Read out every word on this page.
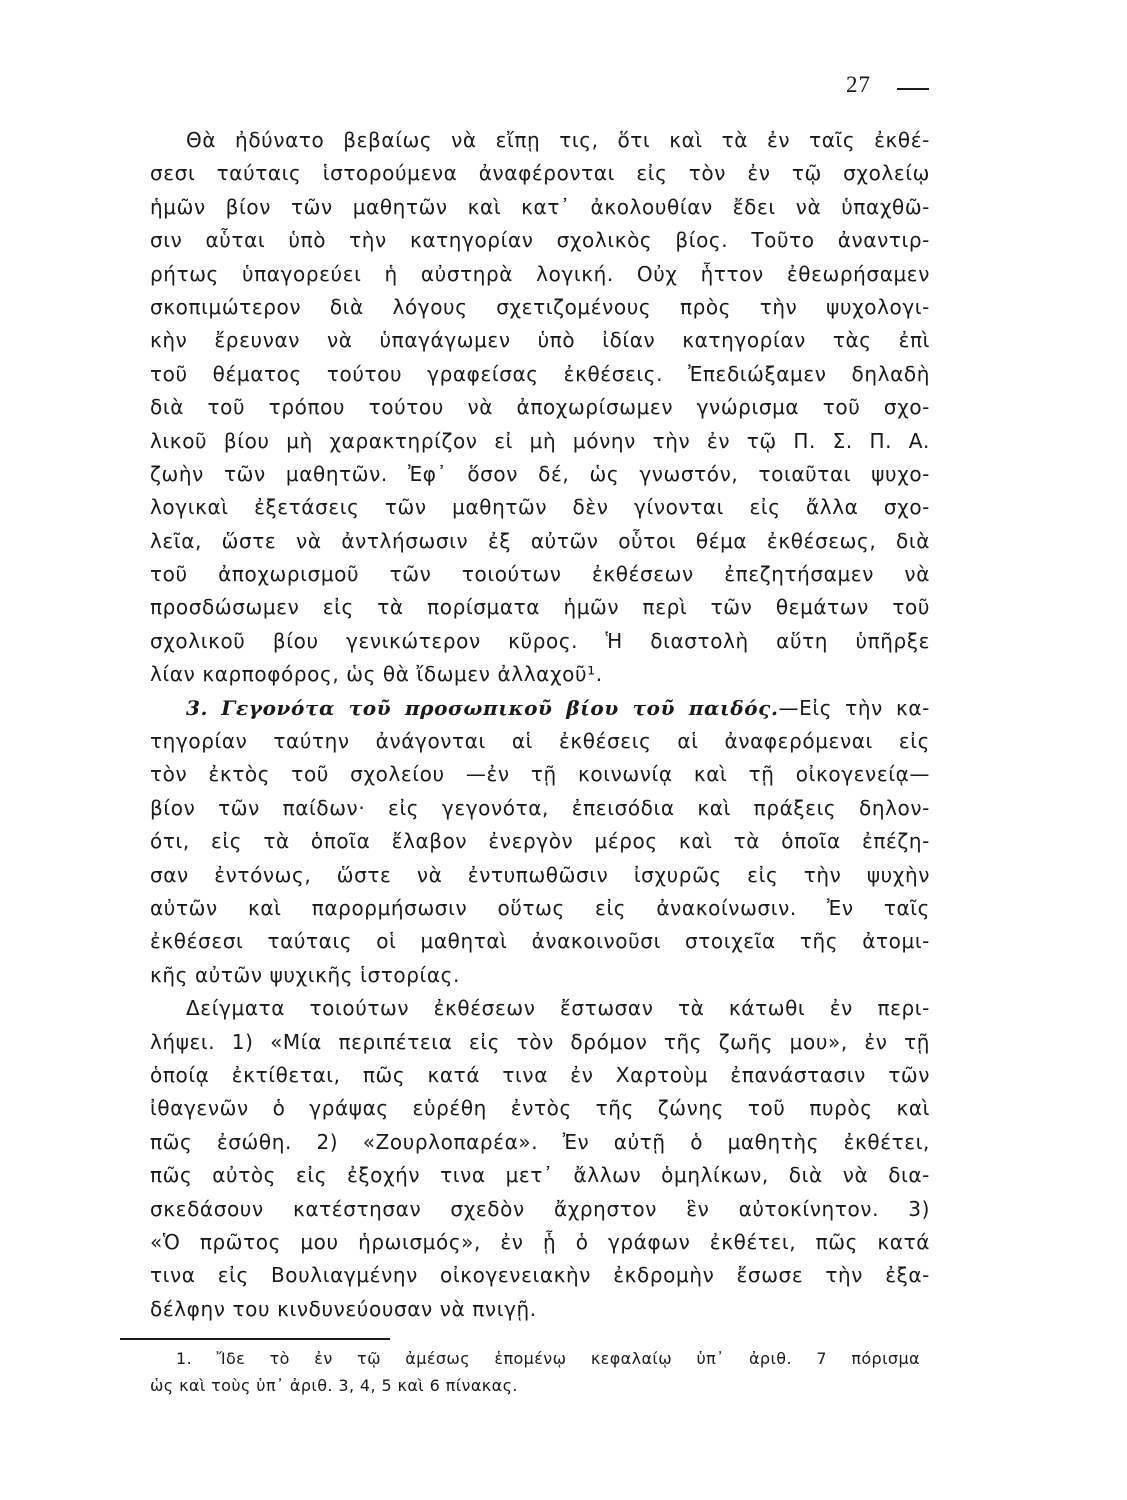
27
Θὰ ἠδύνατο βεβαίως νὰ εἴπῃ τις, ὅτι καὶ τὰ ἐν ταῖς ἐκθέ-
σεσι ταύταις ἱστορούμενα ἀναφέρονται εἰς τὸν ἐν τῷ σχολείῳ
ἡμῶν βίον τῶν μαθητῶν καὶ κατ᾽ ἀκολουθίαν ἔδει νὰ ὑπαχθῶ-
σιν αὗται ὑπὸ τὴν κατηγορίαν σχολικὸς βίος. Τοῦτο ἀναντιρ-
ρήτως ὑπαγορεύει ἡ αὐστηρὰ λογική. Οὐχ ἧττον ἐθεωρήσαμεν
σκοπιμώτερον διὰ λόγους σχετιζομένους πρὸς τὴν ψυχολογι-
κὴν ἔρευναν νὰ ὑπαγάγωμεν ὑπὸ ἰδίαν κατηγορίαν τὰς ἐπὶ
τοῦ θέματος τούτου γραφείσας ἐκθέσεις. Ἐπεδιώξαμεν δηλαδὴ
διὰ τοῦ τρόπου τούτου νὰ ἀποχωρίσωμεν γνώρισμα τοῦ σχο-
λικοῦ βίου μὴ χαρακτηρίζον εἰ μὴ μόνην τὴν ἐν τῷ Π. Σ. Π. Α.
ζωὴν τῶν μαθητῶν. Ἐφ᾽ ὅσον δέ, ὡς γνωστόν, τοιαῦται ψυχο-
λογικαὶ ἐξετάσεις τῶν μαθητῶν δὲν γίνονται εἰς ἄλλα σχο-
λεῖα, ὥστε νὰ ἀντλήσωσιν ἐξ αὐτῶν οὗτοι θέμα ἐκθέσεως, διὰ
τοῦ ἀποχωρισμοῦ τῶν τοιούτων ἐκθέσεων ἐπεζητήσαμεν νὰ
προσδώσωμεν εἰς τὰ πορίσματα ἡμῶν περὶ τῶν θεμάτων τοῦ
σχολικοῦ βίου γενικώτερον κῦρος. Ἡ διαστολὴ αὕτη ὑπῆρξε
λίαν καρποφόρος, ὡς θὰ ἴδωμεν ἀλλαχοῦ¹.
3. Γεγονότα τοῦ προσωπικοῦ βίου τοῦ παιδός.—Εἰς τὴν κα-
τηγορίαν ταύτην ἀνάγονται αἱ ἐκθέσεις αἱ ἀναφερόμεναι εἰς
τὸν ἐκτὸς τοῦ σχολείου —ἐν τῇ κοινωνίᾳ καὶ τῇ οἰκογενείᾳ—
βίον τῶν παίδων· εἰς γεγονότα, ἐπεισόδια καὶ πράξεις δηλον-
ότι, εἰς τὰ ὁποῖα ἔλαβον ἐνεργὸν μέρος καὶ τὰ ὁποῖα ἐπέζη-
σαν ἐντόνως, ὥστε νὰ ἐντυπωθῶσιν ἰσχυρῶς εἰς τὴν ψυχὴν
αὐτῶν καὶ παρορμήσωσιν οὕτως εἰς ἀνακοίνωσιν. Ἐν ταῖς
ἐκθέσεσι ταύταις οἱ μαθηταὶ ἀνακοινοῦσι στοιχεῖα τῆς ἀτομι-
κῆς αὐτῶν ψυχικῆς ἱστορίας.
Δείγματα τοιούτων ἐκθέσεων ἔστωσαν τὰ κάτωθι ἐν περι-
λήψει. 1) «Μία περιπέτεια εἰς τὸν δρόμον τῆς ζωῆς μου», ἐν τῇ
ὁποίᾳ ἐκτίθεται, πῶς κατά τινα ἐν Χαρτοὺμ ἐπανάστασιν τῶν
ἰθαγενῶν ὁ γράψας εὑρέθη ἐντὸς τῆς ζώνης τοῦ πυρὸς καὶ
πῶς ἐσώθη. 2) «Ζουρλοπαρέα». Ἐν αὐτῇ ὁ μαθητὴς ἐκθέτει,
πῶς αὐτὸς εἰς ἐξοχήν τινα μετ᾽ ἄλλων ὁμηλίκων, διὰ νὰ δια-
σκεδάσουν κατέστησαν σχεδὸν ἄχρηστον ἓν αὐτοκίνητον. 3)
«Ὁ πρῶτος μου ἡρωισμός», ἐν ᾗ ὁ γράφων ἐκθέτει, πῶς κατά
τινα εἰς Βουλιαγμένην οἰκογενειακὴν ἐκδρομὴν ἔσωσε τὴν ἐξα-
δέλφην του κινδυνεύουσαν νὰ πνιγῇ.
1. Ἴδε τὸ ἐν τῷ ἀμέσως ἑπομένῳ κεφαλαίῳ ὑπ᾽ ἀριθ. 7 πόρισμα
ὡς καὶ τοὺς ὑπ᾽ ἀριθ. 3, 4, 5 καὶ 6 πίνακας.
